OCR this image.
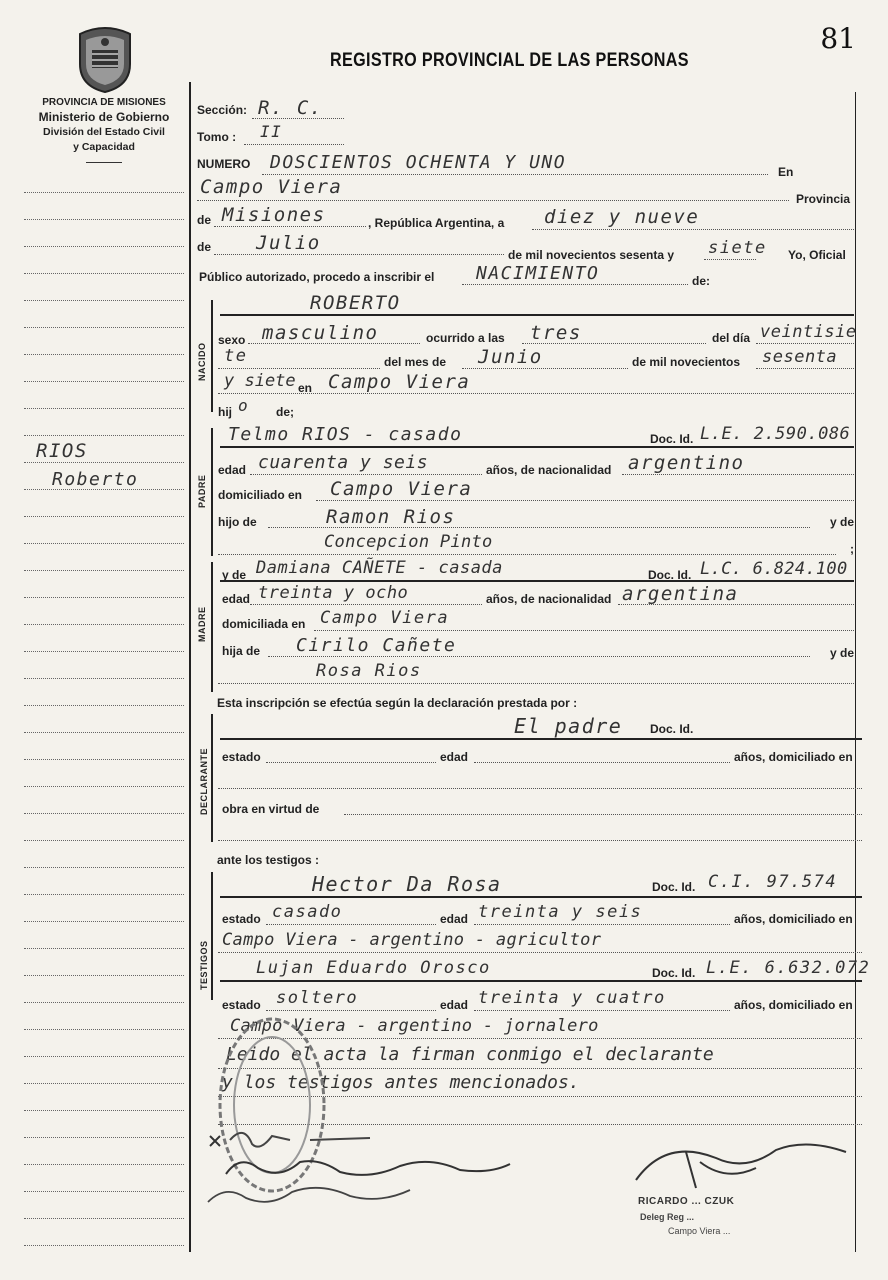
81
REGISTRO PROVINCIAL DE LAS PERSONAS
PROVINCIA DE MISIONES
Ministerio de Gobierno
División del Estado Civil
y Capacidad
RIOS
Roberto
Sección: R. C.
Tomo : II
NUMERO DOSCIENTOS OCHENTA Y UNO	En
Campo Viera
Provincia
de Misiones	, República Argentina, a diez y nueve
de Julio
de mil novecientos sesenta y siete Yo, Oficial
Público autorizado, procedo a inscribir el NACIMIENTO	de:
NACIDO
ROBERTO
sexo masculino	ocurrido a las tres	del día veintisie
te	del mes de Junio	de mil novecientos sesenta
y siete en Campo Viera
hij o de;
PADRE
Telmo RIOS - casado	Doc. Id. L.E. 2.590.086
edad cuarenta y seis	años, de nacionalidad argentino
domiciliado en Campo Viera
hijo de	Ramon Rios	y de
Concepcion Pinto	;
MADRE
y de Damiana CAÑETE - casada	Doc. Id. L.C. 6.824.100
edad treinta y ocho	años, de nacionalidad argentina
domiciliada en Campo Viera
hija de Cirilo Cañete	y de
Rosa Rios
Esta inscripción se efectúa según la declaración prestada por :
DECLARANTE
El padre Doc. Id.
estado	edad	años, domiciliado en
obra en virtud de
ante los testigos :
TESTIGOS
Hector Da Rosa	Doc. Id. C.I. 97.574
estado casado	edad treinta y seis	años, domiciliado en
Campo Viera - argentino - agricultor
Lujan Eduardo Orosco	Doc. Id. L.E. 6.632.072
estado soltero	edad treinta y cuatro	años, domiciliado en
Campo Viera - argentino - jornalero
Leido el acta la firman conmigo el declarante
y los testigos antes mencionados.
RICARDO ... CZUK
Deleg Reg ...
Campo Viera ...
